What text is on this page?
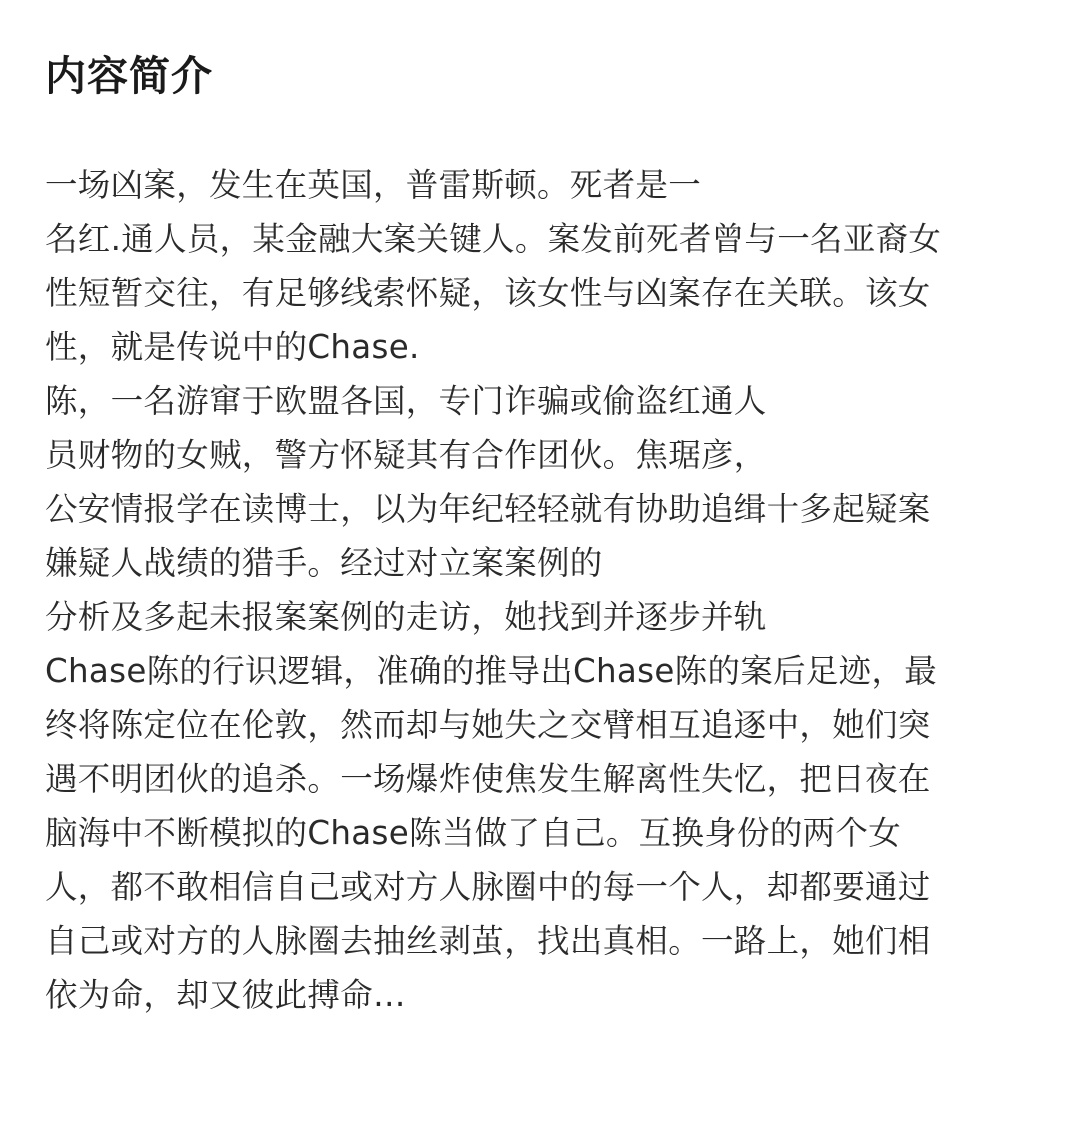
内容简介
一场凶案，发生在英国，普雷斯顿。死者是一
名红.通人员，某金融大案关键人。案发前死者曾与一名亚裔女
性短暂交往，有足够线索怀疑，该女性与凶案存在关联。该女
性，就是传说中的Chase.
陈，一名游窜于欧盟各国，专门诈骗或偷盗红通人
员财物的女贼，警方怀疑其有合作团伙。焦琚彦，
公安情报学在读博士，以为年纪轻轻就有协助追缉十多起疑案
嫌疑人战绩的猎手。经过对立案案例的
分析及多起未报案案例的走访，她找到并逐步并轨
Chase陈的行识逻辑，准确的推导出Chase陈的案后足迹，最
终将陈定位在伦敦，然而却与她失之交臂相互追逐中，她们突
遇不明团伙的追杀。一场爆炸使焦发生解离性失忆，把日夜在
脑海中不断模拟的Chase陈当做了自己。互换身份的两个女
人，都不敢相信自己或对方人脉圈中的每一个人，却都要通过
自己或对方的人脉圈去抽丝剥茧，找出真相。一路上，她们相
依为命，却又彼此搏命…
